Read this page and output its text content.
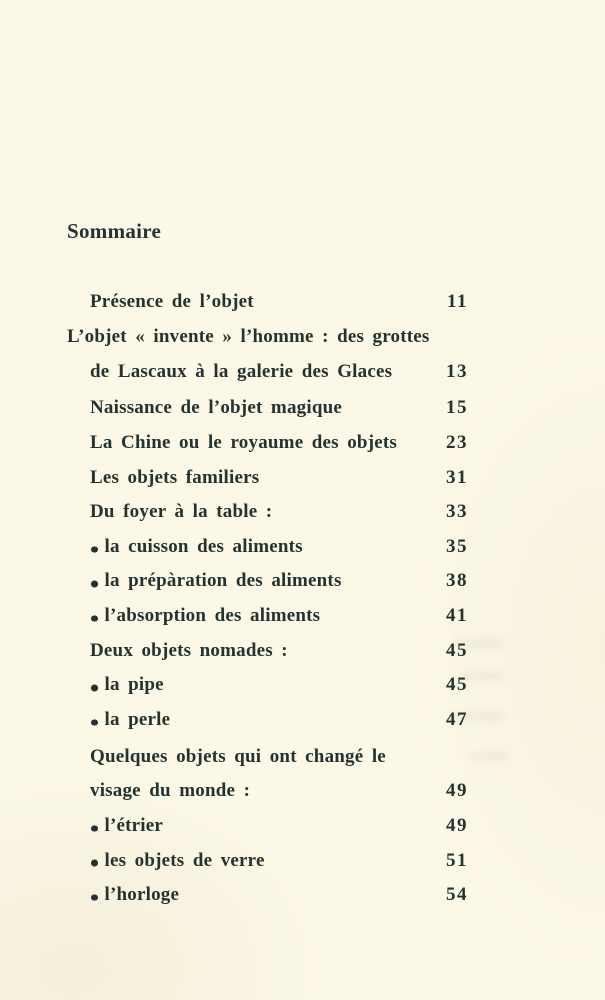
Sommaire
Présence de l’objet	11
L’objet « invente » l’homme : des grottes
de Lascaux à la galerie des Glaces	13
Naissance de l’objet magique	15
La Chine ou le royaume des objets	23
Les objets familiers	31
Du foyer à la table :	33
la cuisson des aliments	35
la prépàration des aliments	38
l’absorption des aliments	41
Deux objets nomades :	45
la pipe	45
la perle	47
Quelques objets qui ont changé le
visage du monde :	49
l’étrier	49
les objets de verre	51
l’horloge	54
